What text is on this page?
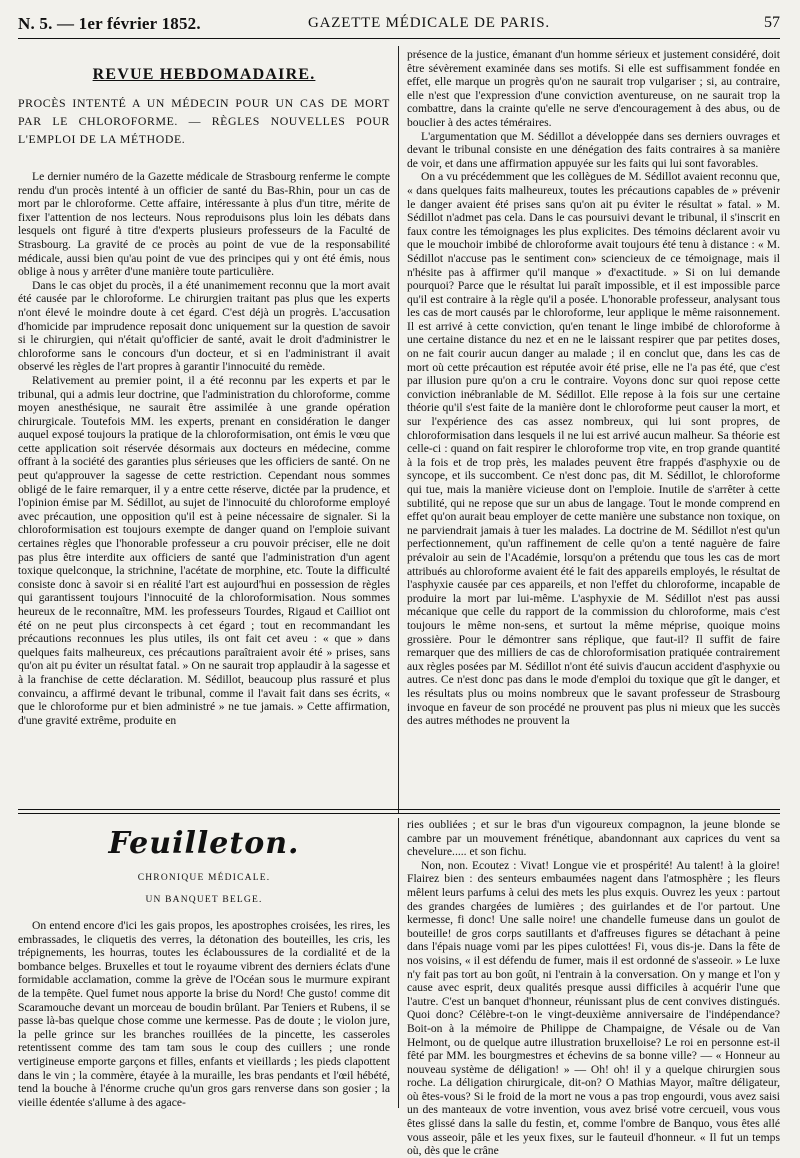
N. 5. — 1er février 1852.	GAZETTE MÉDICALE DE PARIS.	57
REVUE HEBDOMADAIRE.
PROCÈS INTENTÉ A UN MÉDECIN POUR UN CAS DE MORT PAR LE CHLOROFORME. — RÈGLES NOUVELLES POUR L'EMPLOI DE LA MÉTHODE.

Le dernier numéro de la Gazette médicale de Strasbourg renferme le compte rendu d'un procès intenté à un officier de santé du Bas-Rhin, pour un cas de mort par le chloroforme. Cette affaire, intéressante à plus d'un titre, mérite de fixer l'attention de nos lecteurs. Nous reproduisons plus loin les débats dans lesquels ont figuré à titre d'experts plusieurs professeurs de la Faculté de Strasbourg. La gravité de ce procès au point de vue de la responsabilité médicale, aussi bien qu'au point de vue des principes qui y ont été émis, nous oblige à nous y arrêter d'une manière toute particulière.

Dans le cas objet du procès, il a été unanimement reconnu que la mort avait été causée par le chloroforme. Le chirurgien traitant pas plus que les experts n'ont élevé le moindre doute à cet égard. C'est déjà un progrès. L'accusation d'homicide par imprudence reposait donc uniquement sur la question de savoir si le chirurgien, qui n'était qu'officier de santé, avait le droit d'administrer le chloroforme sans le concours d'un docteur, et si en l'administrant il avait observé les règles de l'art propres à garantir l'innocuité du remède.

Relativement au premier point, il a été reconnu par les experts et par le tribunal, qui a admis leur doctrine, que l'administration du chloroforme, comme moyen anesthésique, ne saurait être assimilée à une grande opération chirurgicale. Toutefois MM. les experts, prenant en considération le danger auquel exposé toujours la pratique de la chloroformisation, ont émis le vœu que cette application soit réservée désormais aux docteurs en médecine, comme offrant à la société des garanties plus sérieuses que les officiers de santé. On ne peut qu'approuver la sagesse de cette restriction. Cependant nous sommes obligé de le faire remarquer, il y a entre cette réserve, dictée par la prudence, et l'opinion émise par M. Sédillot, au sujet de l'innocuité du chloroforme employé avec précaution, une opposition qu'il est à peine nécessaire de signaler. Si la chloroformisation est toujours exempte de danger quand on l'emploie suivant certaines règles que l'honorable professeur a cru pouvoir préciser, elle ne doit pas plus être interdite aux officiers de santé que l'administration d'un agent toxique quelconque, la strichnine, l'acétate de morphine, etc. Toute la difficulté consiste donc à savoir si en réalité l'art est aujourd'hui en possession de règles qui garantissent toujours l'innocuité de la chloroformisation. Nous sommes heureux de le reconnaître, MM. les professeurs Tourdes, Rigaud et Cailliot ont été on ne peut plus circonspects à cet égard ; tout en recommandant les précautions reconnues les plus utiles, ils ont fait cet aveu : « que » dans quelques faits malheureux, ces précautions paraîtraient avoir été » prises, sans qu'on ait pu éviter un résultat fatal. » On ne saurait trop applaudir à la sagesse et à la franchise de cette déclaration. M. Sédillot, beaucoup plus rassuré et plus convaincu, a affirmé devant le tribunal, comme il l'avait fait dans ses écrits, « que le chloroforme pur et bien administré » ne tue jamais. » Cette affirmation, d'une gravité extrême, produite en

présence de la justice, émanant d'un homme sérieux et justement considéré, doit être sévèrement examinée dans ses motifs. Si elle est suffisamment fondée en effet, elle marque un progrès qu'on ne saurait trop vulgariser ; si, au contraire, elle n'est que l'expression d'une conviction aventureuse, on ne saurait trop la combattre, dans la crainte qu'elle ne serve d'encouragement à des abus, ou de bouclier à des actes téméraires.

L'argumentation que M. Sédillot a développée dans ses derniers ouvrages et devant le tribunal consiste en une dénégation des faits contraires à sa manière de voir, et dans une affirmation appuyée sur les faits qui lui sont favorables.

On a vu précédemment que les collègues de M. Sédillot avaient reconnu que, « dans quelques faits malheureux, toutes les précautions capables de » prévenir le danger avaient été prises sans qu'on ait pu éviter le résultat » fatal. » M. Sédillot n'admet pas cela. Dans le cas poursuivi devant le tribunal, il s'inscrit en faux contre les témoignages les plus explicites. Des témoins déclarent avoir vu que le mouchoir imbibé de chloroforme avait toujours été tenu à distance : « M. Sédillot n'accuse pas le sentiment con» sciencieux de ce témoignage, mais il n'hésite pas à affirmer qu'il manque » d'exactitude. » Si on lui demande pourquoi? Parce que le résultat lui paraît impossible, et il est impossible parce qu'il est contraire à la règle qu'il a posée. L'honorable professeur, analysant tous les cas de mort causés par le chloroforme, leur applique le même raisonnement. Il est arrivé à cette conviction, qu'en tenant le linge imbibé de chloroforme à une certaine distance du nez et en ne le laissant respirer que par petites doses, on ne fait courir aucun danger au malade ; il en conclut que, dans les cas de mort où cette précaution est réputée avoir été prise, elle ne l'a pas été, que c'est par illusion pure qu'on a cru le contraire. Voyons donc sur quoi repose cette conviction inébranlable de M. Sédillot. Elle repose à la fois sur une certaine théorie qu'il s'est faite de la manière dont le chloroforme peut causer la mort, et sur l'expérience des cas assez nombreux, qui lui sont propres, de chloroformisation dans lesquels il ne lui est arrivé aucun malheur. Sa théorie est celle-ci : quand on fait respirer le chloroforme trop vite, en trop grande quantité à la fois et de trop près, les malades peuvent être frappés d'asphyxie ou de syncope, et ils succombent. Ce n'est donc pas, dit M. Sédillot, le chloroforme qui tue, mais la manière vicieuse dont on l'emploie. Inutile de s'arrêter à cette subtilité, qui ne repose que sur un abus de langage. Tout le monde comprend en effet qu'on aurait beau employer de cette manière une substance non toxique, on ne parviendrait jamais à tuer les malades. La doctrine de M. Sédillot n'est qu'un perfectionnement, qu'un raffinement de celle qu'on a tenté naguère de faire prévaloir au sein de l'Académie, lorsqu'on a prétendu que tous les cas de mort attribués au chloroforme avaient été le fait des appareils employés, le résultat de l'asphyxie causée par ces appareils, et non l'effet du chloroforme, incapable de produire la mort par lui-même. L'asphyxie de M. Sédillot n'est pas aussi mécanique que celle du rapport de la commission du chloroforme, mais c'est toujours le même non-sens, et surtout la même méprise, quoique moins grossière. Pour le démontrer sans réplique, que faut-il? Il suffit de faire remarquer que des milliers de cas de chloroformisation pratiquée contrairement aux règles posées par M. Sédillot n'ont été suivis d'aucun accident d'asphyxie ou autres. Ce n'est donc pas dans le mode d'emploi du toxique que gît le danger, et les résultats plus ou moins nombreux que le savant professeur de Strasbourg invoque en faveur de son procédé ne prouvent pas plus ni mieux que les succès des autres méthodes ne prouvent la

Feuilleton.
CHRONIQUE MÉDICALE.
UN BANQUET BELGE.

On entend encore d'ici les gais propos, les apostrophes croisées, les rires, les embrassades, le cliquetis des verres, la détonation des bouteilles, les cris, les trépignements, les hourras, toutes les éclaboussures de la cordialité et de la bombance belges. Bruxelles et tout le royaume vibrent des derniers éclats d'une formidable acclamation, comme la grève de l'Océan sous le murmure expirant de la tempête. Quel fumet nous apporte la brise du Nord! Che gusto! comme dit Scaramouche devant un morceau de boudin brûlant. Par Teniers et Rubens, il se passe là-bas quelque chose comme une kermesse. Pas de doute ; le violon jure, la pelle grince sur les branches rouillées de la pincette, les casseroles retentissent comme des tam tam sous le coup des cuillers ; une ronde vertigineuse emporte garçons et filles, enfants et vieillards ; les pieds clapottent dans le vin ; la commère, étayée à la muraille, les bras pendants et l'œil hébété, tend la bouche à l'énorme cruche qu'un gros gars renverse dans son gosier ; la vieille édentée s'allume à des agace-

ries oubliées ; et sur le bras d'un vigoureux compagnon, la jeune blonde se cambre par un mouvement frénétique, abandonnant aux caprices du vent sa chevelure..... et son fichu.

Non, non. Ecoutez : Vivat! Longue vie et prospérité! Au talent! à la gloire! Flairez bien : des senteurs embaumées nagent dans l'atmosphère ; les fleurs mêlent leurs parfums à celui des mets les plus exquis. Ouvrez les yeux : partout des grandes chargées de lumières ; des guirlandes et de l'or partout. Une kermesse, fi donc! Une salle noire! une chandelle fumeuse dans un goulot de bouteille! de gros corps sautillants et d'affreuses figures se détachant à peine dans l'épais nuage vomi par les pipes culottées! Fi, vous dis-je. Dans la fête de nos voisins, « il est défendu de fumer, mais il est ordonné de s'asseoir. » Le luxe n'y fait pas tort au bon goût, ni l'entrain à la conversation. On y mange et l'on y cause avec esprit, deux qualités presque aussi difficiles à acquérir l'une que l'autre. C'est un banquet d'honneur, réunissant plus de cent convives distingués. Quoi donc? Célèbre-t-on le vingt-deuxième anniversaire de l'indépendance? Boit-on à la mémoire de Philippe de Champaigne, de Vésale ou de Van Helmont, ou de quelque autre illustration bruxelloise? Le roi en personne est-il fêté par MM. les bourgmestres et échevins de sa bonne ville? — « Honneur au nouveau système de déligation! » — Oh! oh! il y a quelque chirurgien sous roche. La déligation chirurgicale, dit-on? O Mathias Mayor, maître déligateur, où êtes-vous? Si le froid de la mort ne vous a pas trop engourdi, vous avez saisi un des manteaux de votre invention, vous avez brisé votre cercueil, vous vous êtes glissé dans la salle du festin, et, comme l'ombre de Banquo, vous êtes allé vous asseoir, pâle et les yeux fixes, sur le fauteuil d'honneur. « Il fut un temps où, dès que le crâne
